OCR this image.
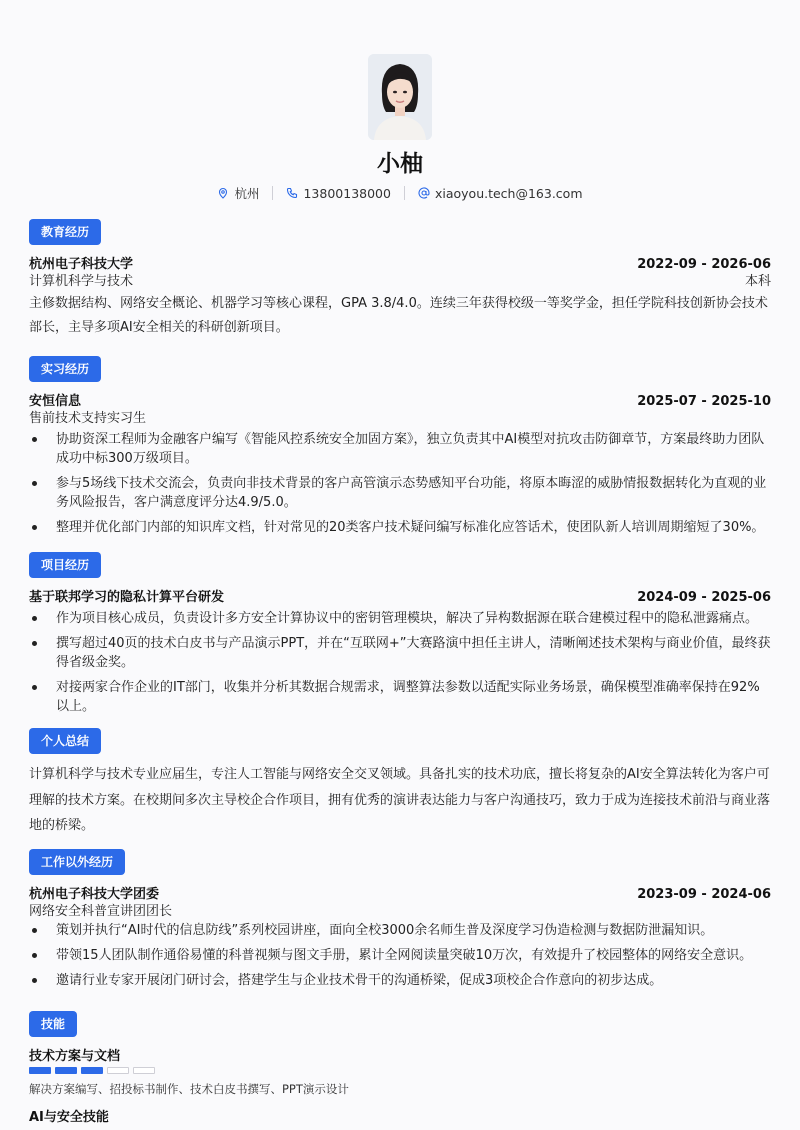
小柚
杭州	13800138000	xiaoyou.tech@163.com
教育经历
杭州电子科技大学	2022-09 - 2026-06
计算机科学与技术	本科
主修数据结构、网络安全概论、机器学习等核心课程，GPA 3.8/4.0。连续三年获得校级一等奖学金，担任学院科技创新协会技术部长，主导多项AI安全相关的科研创新项目。
实习经历
安恒信息	2025-07 - 2025-10
售前技术支持实习生
协助资深工程师为金融客户编写《智能风控系统安全加固方案》，独立负责其中AI模型对抗攻击防御章节，方案最终助力团队成功中标300万级项目。
参与5场线下技术交流会，负责向非技术背景的客户高管演示态势感知平台功能，将原本晦涩的威胁情报数据转化为直观的业务风险报告，客户满意度评分达4.9/5.0。
整理并优化部门内部的知识库文档，针对常见的20类客户技术疑问编写标准化应答话术，使团队新人培训周期缩短了30%。
项目经历
基于联邦学习的隐私计算平台研发	2024-09 - 2025-06
作为项目核心成员，负责设计多方安全计算协议中的密钥管理模块，解决了异构数据源在联合建模过程中的隐私泄露痛点。
撰写超过40页的技术白皮书与产品演示PPT，并在“互联网+”大赛路演中担任主讲人，清晰阐述技术架构与商业价值，最终获得省级金奖。
对接两家合作企业的IT部门，收集并分析其数据合规需求，调整算法参数以适配实际业务场景，确保模型准确率保持在92%以上。
个人总结
计算机科学与技术专业应届生，专注人工智能与网络安全交叉领域。具备扎实的技术功底，擅长将复杂的AI安全算法转化为客户可理解的技术方案。在校期间多次主导校企合作项目，拥有优秀的演讲表达能力与客户沟通技巧，致力于成为连接技术前沿与商业落地的桥梁。
工作以外经历
杭州电子科技大学团委	2023-09 - 2024-06
网络安全科普宣讲团团长
策划并执行“AI时代的信息防线”系列校园讲座，面向全校3000余名师生普及深度学习伪造检测与数据防泄漏知识。
带领15人团队制作通俗易懂的科普视频与图文手册，累计全网阅读量突破10万次，有效提升了校园整体的网络安全意识。
邀请行业专家开展闭门研讨会，搭建学生与企业技术骨干的沟通桥梁，促成3项校企合作意向的初步达成。
技能
技术方案与文档
解决方案编写、招投标书制作、技术白皮书撰写、PPT演示设计
AI与安全技能
